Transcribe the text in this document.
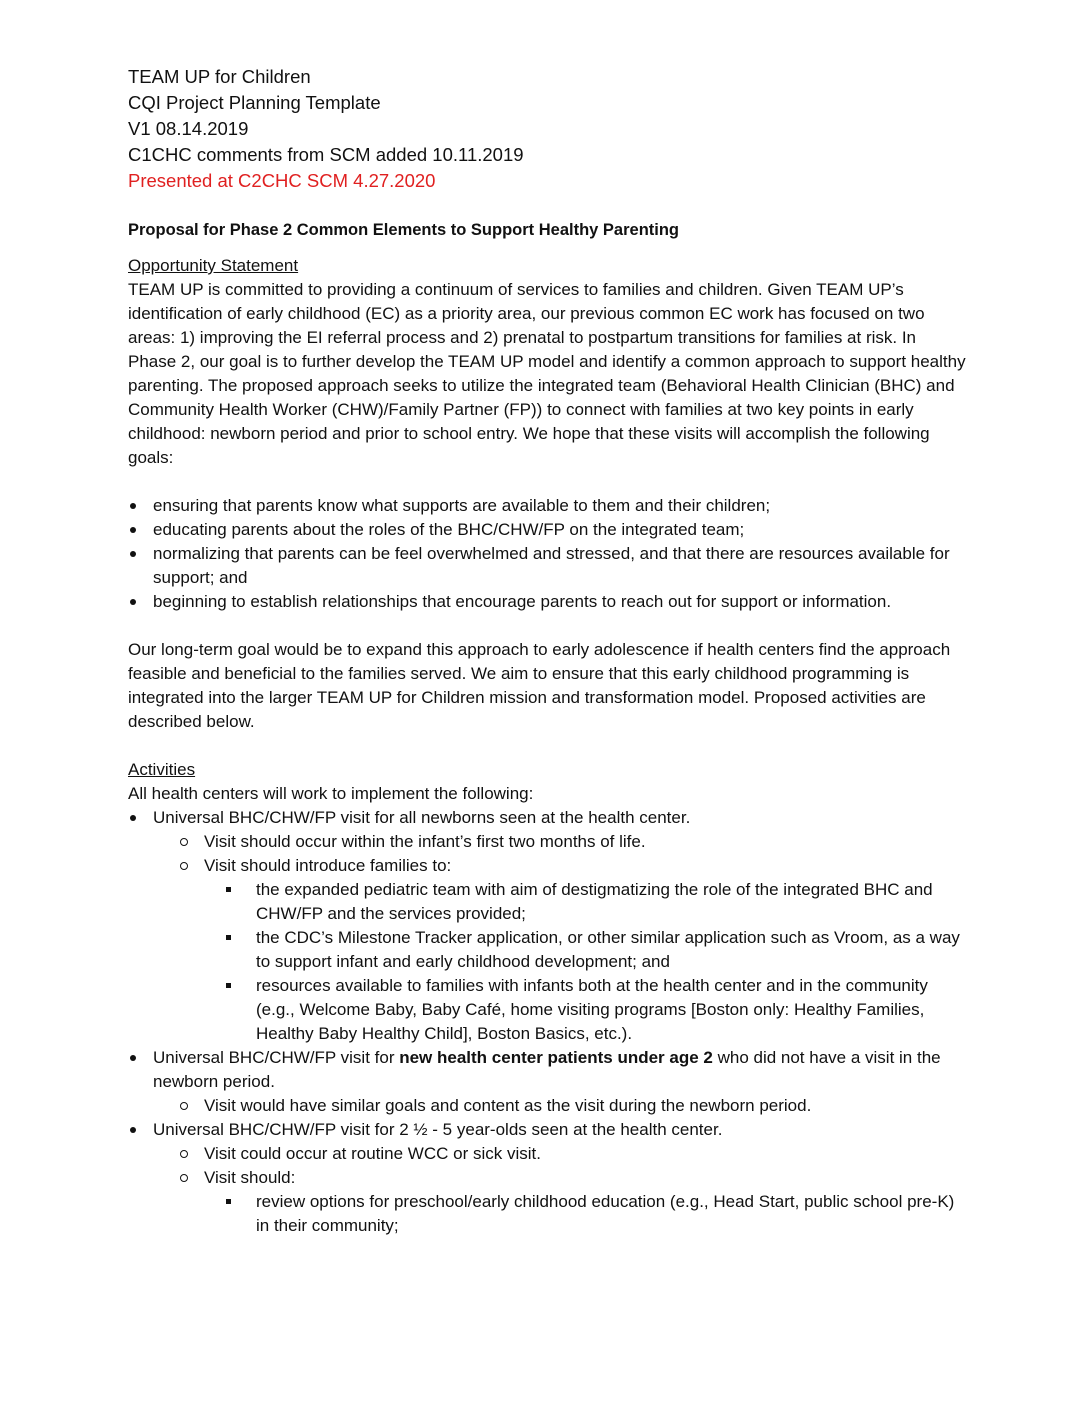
TEAM UP for Children

CQI Project Planning Template

V1 08.14.2019

C1CHC comments from SCM added 10.11.2019

Presented at C2CHC SCM 4.27.2020

Proposal for Phase 2 Common Elements to Support Healthy Parenting

Opportunity Statement

TEAM UP is committed to providing a continuum of services to families and children. Given TEAM UP’s identification of early childhood (EC) as a priority area, our previous common EC work has focused on two areas: 1) improving the EI referral process and 2) prenatal to postpartum transitions for families at risk. In Phase 2, our goal is to further develop the TEAM UP model and identify a common approach to support healthy parenting. The proposed approach seeks to utilize the integrated team (Behavioral Health Clinician (BHC) and Community Health Worker (CHW)/Family Partner (FP)) to connect with families at two key points in early childhood: newborn period and prior to school entry. We hope that these visits will accomplish the following goals:

ensuring that parents know what supports are available to them and their children;
educating parents about the roles of the BHC/CHW/FP on the integrated team;
normalizing that parents can be feel overwhelmed and stressed, and that there are resources available for support; and
beginning to establish relationships that encourage parents to reach out for support or information.

Our long-term goal would be to expand this approach to early adolescence if health centers find the approach feasible and beneficial to the families served. We aim to ensure that this early childhood programming is integrated into the larger TEAM UP for Children mission and transformation model. Proposed activities are described below.

Activities

All health centers will work to implement the following:

Universal BHC/CHW/FP visit for all newborns seen at the health center.
Visit should occur within the infant’s first two months of life.
Visit should introduce families to:
the expanded pediatric team with aim of destigmatizing the role of the integrated BHC and CHW/FP and the services provided;
the CDC’s Milestone Tracker application, or other similar application such as Vroom, as a way to support infant and early childhood development; and
resources available to families with infants both at the health center and in the community (e.g., Welcome Baby, Baby Café, home visiting programs [Boston only: Healthy Families, Healthy Baby Healthy Child], Boston Basics, etc.).
Universal BHC/CHW/FP visit for new health center patients under age 2 who did not have a visit in the newborn period.
Visit would have similar goals and content as the visit during the newborn period.
Universal BHC/CHW/FP visit for 2 ½ - 5 year-olds seen at the health center.
Visit could occur at routine WCC or sick visit.
Visit should:
review options for preschool/early childhood education (e.g., Head Start, public school pre-K) in their community;
